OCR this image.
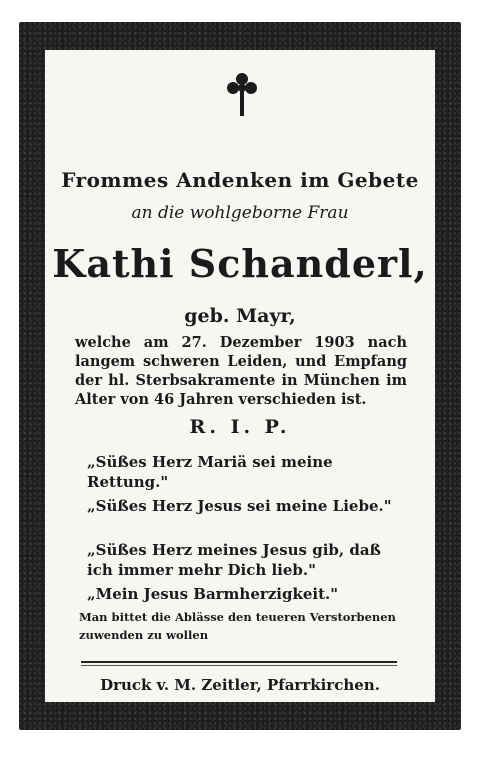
Frommes Andenken im Gebete
an die wohlgeborne Frau
Kathi Schanderl,
geb. Mayr,
welche am 27. Dezember 1903 nach langem schweren Leiden, und Empfang der hl. Sterbsakramente in München im Alter von 46 Jahren verschieden ist.
R. I. P.
„Süßes Herz Mariä sei meine Rettung."
„Süßes Herz Jesus sei meine Liebe."
„Süßes Herz meines Jesus gib, daß ich immer mehr Dich lieb."
„Mein Jesus Barmherzigkeit."
Man bittet die Ablässe den teueren Verstorbenen zuwenden zu wollen
Druck v. M. Zeitler, Pfarrkirchen.
